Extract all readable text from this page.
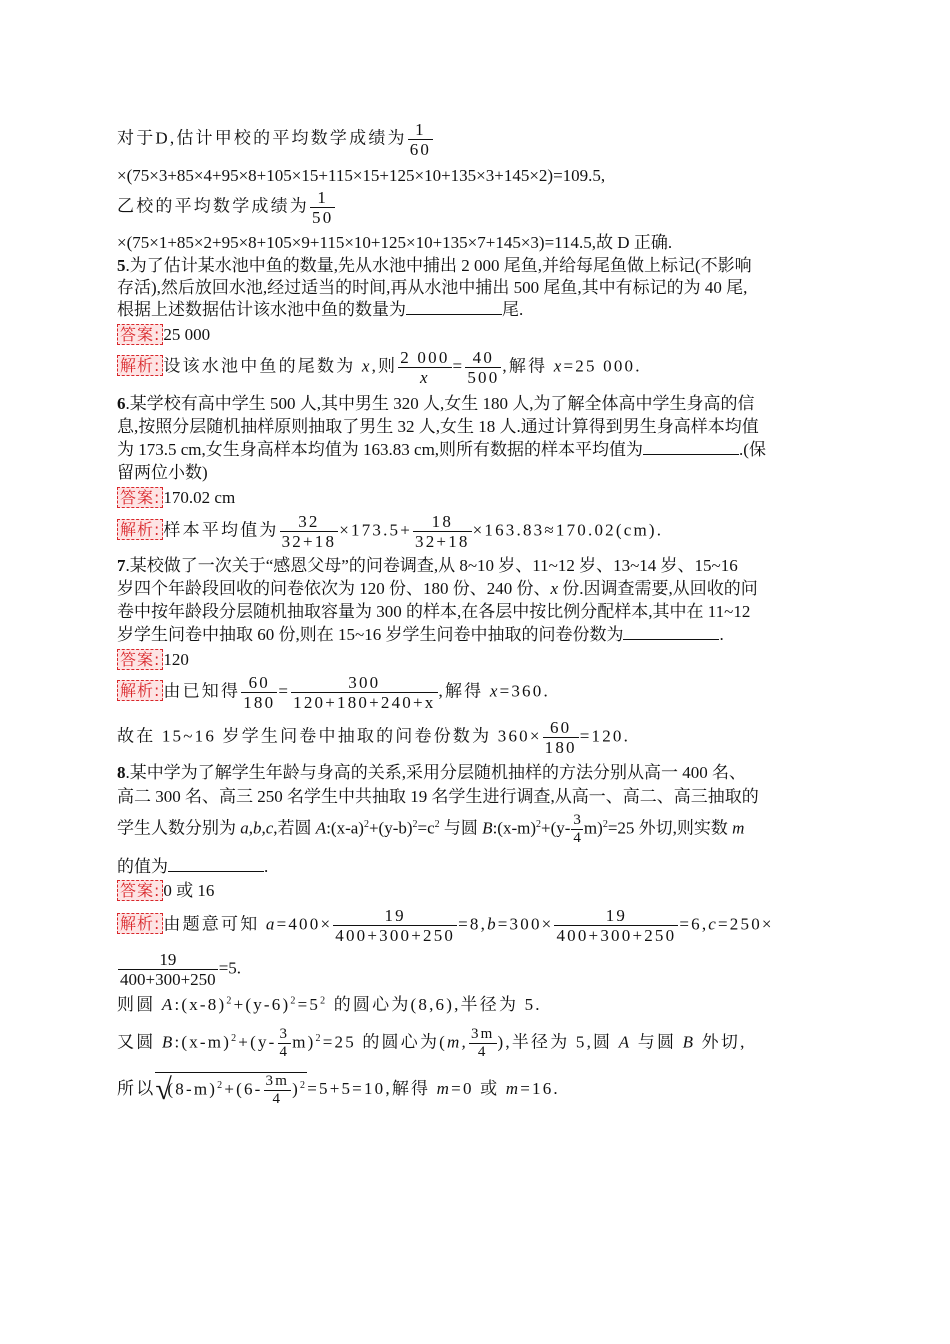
对于D,估计甲校的平均数学成绩为 $\frac{1}{60}$
×(75×3+85×4+95×8+105×15+115×15+125×10+135×3+145×2)=109.5,
乙校的平均数学成绩为 $\frac{1}{50}$
×(75×1+85×2+95×8+105×9+115×10+125×10+135×7+145×3)=114.5,故 D 正确.
5.为了估计某水池中鱼的数量,先从水池中捕出 2 000 尾鱼,并给每尾鱼做上标记(不影响
存活),然后放回水池,经过适当的时间,再从水池中捕出 500 尾鱼,其中有标记的为 40 尾,
根据上述数据估计该水池中鱼的数量为	尾.
答案: 25 000
解析: 设该水池中鱼的尾数为 x,则 $\frac{2 000}{x} = \frac{40}{500}$ ,解得 x=25 000.
6.某学校有高中学生 500 人,其中男生 320 人,女生 180 人,为了解全体高中学生身高的信
息,按照分层随机抽样原则抽取了男生 32 人,女生 18 人.通过计算得到男生身高样本均值
为 173.5 cm,女生身高样本均值为 163.83 cm,则所有数据的样本平均值为	.(保
留两位小数)
答案: 170.02 cm
解析: 样本平均值为 $\frac{32}{32+18} \times 173.5+ \frac{18}{32+18} \times 163.83\approx 170.02(cm)$.
7.某校做了一次关于“感恩父母”的问卷调查,从 8~10 岁、11~12 岁、13~14 岁、15~16
岁四个年龄段回收的问卷依次为 120 份、180 份、240 份、x 份.因调查需要,从回收的问
卷中按年龄段分层随机抽取容量为 300 的样本,在各层中按比例分配样本,其中在 11~12
岁学生问卷中抽取 60 份,则在 15~16 岁学生问卷中抽取的问卷份数为	.
答案: 120
解析: 由已知得 $\frac{60}{180} = \frac{300}{120+180+240+x}$ ,解得 x=360.
故在 15~16 岁学生问卷中抽取的问卷份数为 $360\times \frac{60}{180} =120$.
8.某中学为了解学生年龄与身高的关系,采用分层随机抽样的方法分别从高一 400 名、
高二 300 名、高三 250 名学生中共抽取 19 名学生进行调查,从高一、高二、高三抽取的
学生人数分别为 a,b,c,若圆 $A:(x-a)^2+(y-b)^2=c^2$ 与圆 $B:(x-m)^2+(y- \frac{3}{4} m)^2=25$ 外切,则实数 m
的值为	.
答案: 0 或 16
解析: 由题意可知 $a=400\times \frac{19}{400+300+250} =8,b=300\times \frac{19}{400+300+250} =6,c=250\times$
$\frac{19}{400+300+250} =5$.
则圆 $A:(x-8)^2+(y-6)^2=5^2$ 的圆心为(8,6),半径为 5.
又圆 $B:(x-m)^2+(y- \frac{3}{4} m)^2=25$ 的圆心为(m, $\frac{3m}{4}$ ),半径为 5,圆 A 与圆 B 外切,
所以 √
$(8-m)^2+(6- \frac{3m}{4} )^2=5+5=10$,解得 m=0 或 m=16.
